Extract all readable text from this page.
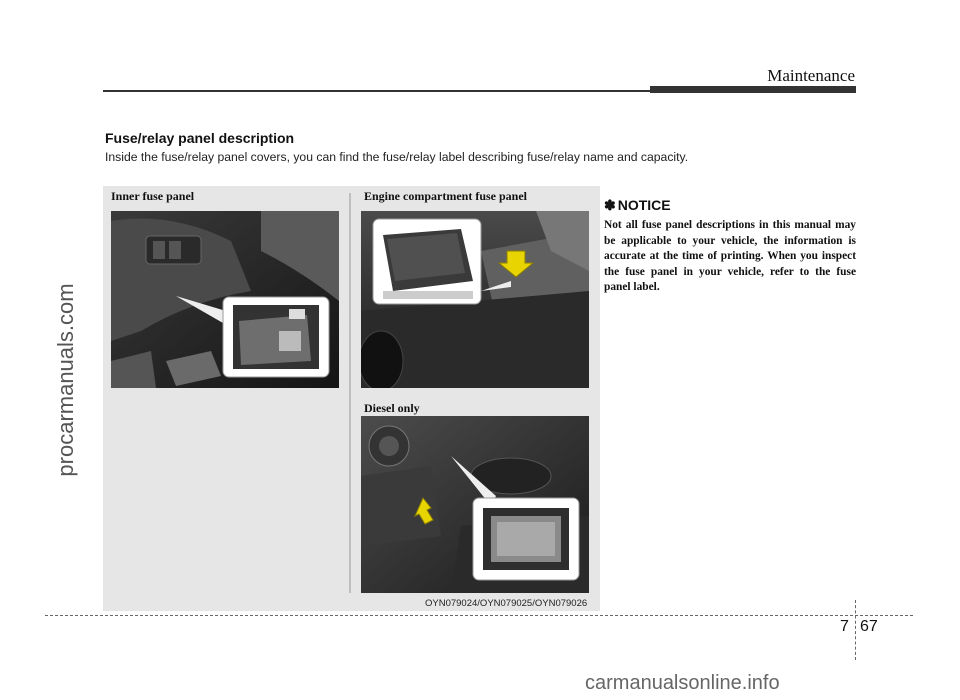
Maintenance
Fuse/relay panel description
Inside the fuse/relay panel covers, you can find the fuse/relay label describing fuse/relay name and capacity.
Inner fuse panel	Engine compartment fuse panel
Diesel only
OYN079024/OYN079025/OYN079026
✽ NOTICE
Not all fuse panel descriptions in this manual may be applicable to your vehicle, the information is accurate at the time of printing. When you inspect the fuse panel in your vehicle, refer to the fuse panel label.
7 67
procarmanuals.com
carmanualsonline.info
